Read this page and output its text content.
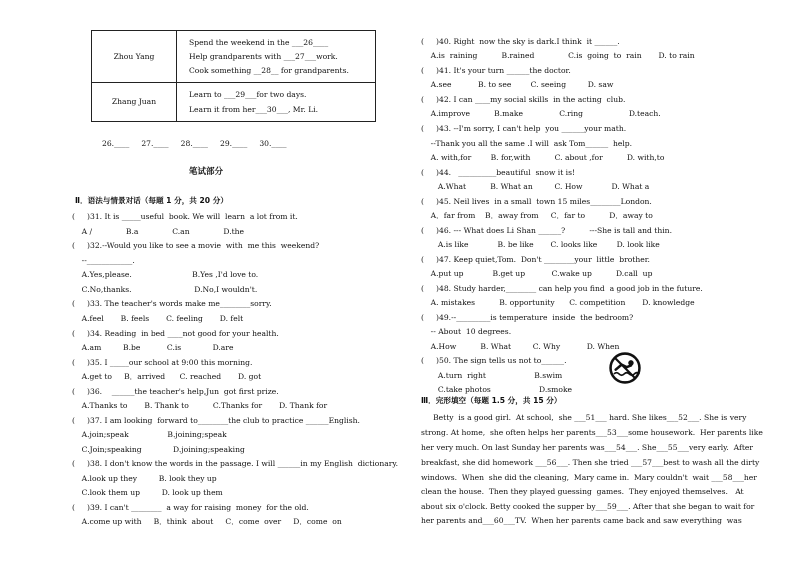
Zhou Yang	Spend the weekend in the ___26____
Help grandparents with ___27___work.
Cook something __28__ for grandparents.

Zhang Juan	Learn to ___29___for two days.
Learn it from her___30___, Mr. Li.
26.____     27.____     28.____     29.____     30.____
笔试部分
Ⅱ．语法与情景对话（每题 1 分，共 20 分）
(     )31. It is _____useful  book. We will  learn  a lot from it.
A /              B.a              C.an              D.the
(     )32.--Would you like to see a movie  with  me this  weekend?
--____________.
A.Yes,please.                         B.Yes ,I'd love to.
C.No,thanks.                          D.No,I wouldn't.
(     )33. The teacher's words make me________sorry.
A.feel       B. feels       C. feeling       D. felt
(     )34. Reading  in bed ____not good for your health.
A.am         B.be           C.is             D.are
(     )35. I _____our school at 9:00 this morning.
A.get to     B．arrived      C. reached       D. got
(     )36.    ______the teacher's help,Jun  got first prize.
A.Thanks to       B. Thank to          C.Thanks for       D. Thank for
(     )37. I am looking  forward to________the club to practice ______English.
A.join;speak                B.joining;speak
C.Join;speaking             D.joining;speaking
(     )38. I don't know the words in the passage. I will ______in my English  dictionary.
A.look up they         B. look they up
C.look them up         D. look up them
(     )39. I can't ________  a way for raising  money  for the old.
A.come up with     B．think  about     C．come  over     D．come  on
(     )40. Right  now the sky is dark.I think  it ______.
A.is  raining          B.rained              C.is  going  to  rain       D. to rain
(     )41. It's your turn ______the doctor.
A.see           B. to see        C. seeing         D. saw
(     )42. I can ____my social skills  in the acting  club.
A.improve          B.make               C.ring                   D.teach.
(     )43. --I'm sorry, I can't help  you ______your math.
--Thank you all the same .I will  ask Tom______  help.
A. with,for        B. for,with          C. about ,for          D. with,to
(     )44.   __________beautiful  snow it is!
A.What          B. What an         C. How            D. What a
(     )45. Neil lives  in a small  town 15 miles________London.
A．far from    B．away from     C．far to          D．away to
(     )46. --- What does Li Shan ______?          ---She is tall and thin.
A.is like            B. be like       C. looks like        D. look like
(     )47. Keep quiet,Tom.  Don't ________your  little  brother.
A.put up            B.get up           C.wake up          D.call  up
(     )48. Study harder,________ can help you find  a good job in the future.
A. mistakes          B. opportunity      C. competition       D. knowledge
(     )49.--_________is temperature  inside  the bedroom?
-- About  10 degrees.
A.How          B. What         C. Why           D. When
(     )50. The sign tells us not to______.
A.turn  right                    B.swim
C.take photos                    D.smoke
Ⅲ．完形填空（每题 1.5 分，共 15 分）
Betty  is a good girl.  At school,  she ___51___ hard. She likes___52___. She is very
strong. At home,  she often helps her parents___53___some housework.  Her parents like
her very much. On last Sunday her parents was___54___. She___55___very early.  After
breakfast, she did homework ___56___. Then she tried ___57___best to wash all the dirty
windows.  When  she did the cleaning,  Mary came in.  Mary couldn't  wait ___58___her
clean the house.  Then they played guessing  games.  They enjoyed themselves.   At
about six o'clock. Betty cooked the supper by___59___. After that she began to wait for
her parents and___60___TV.  When her parents came back and saw everything  was
